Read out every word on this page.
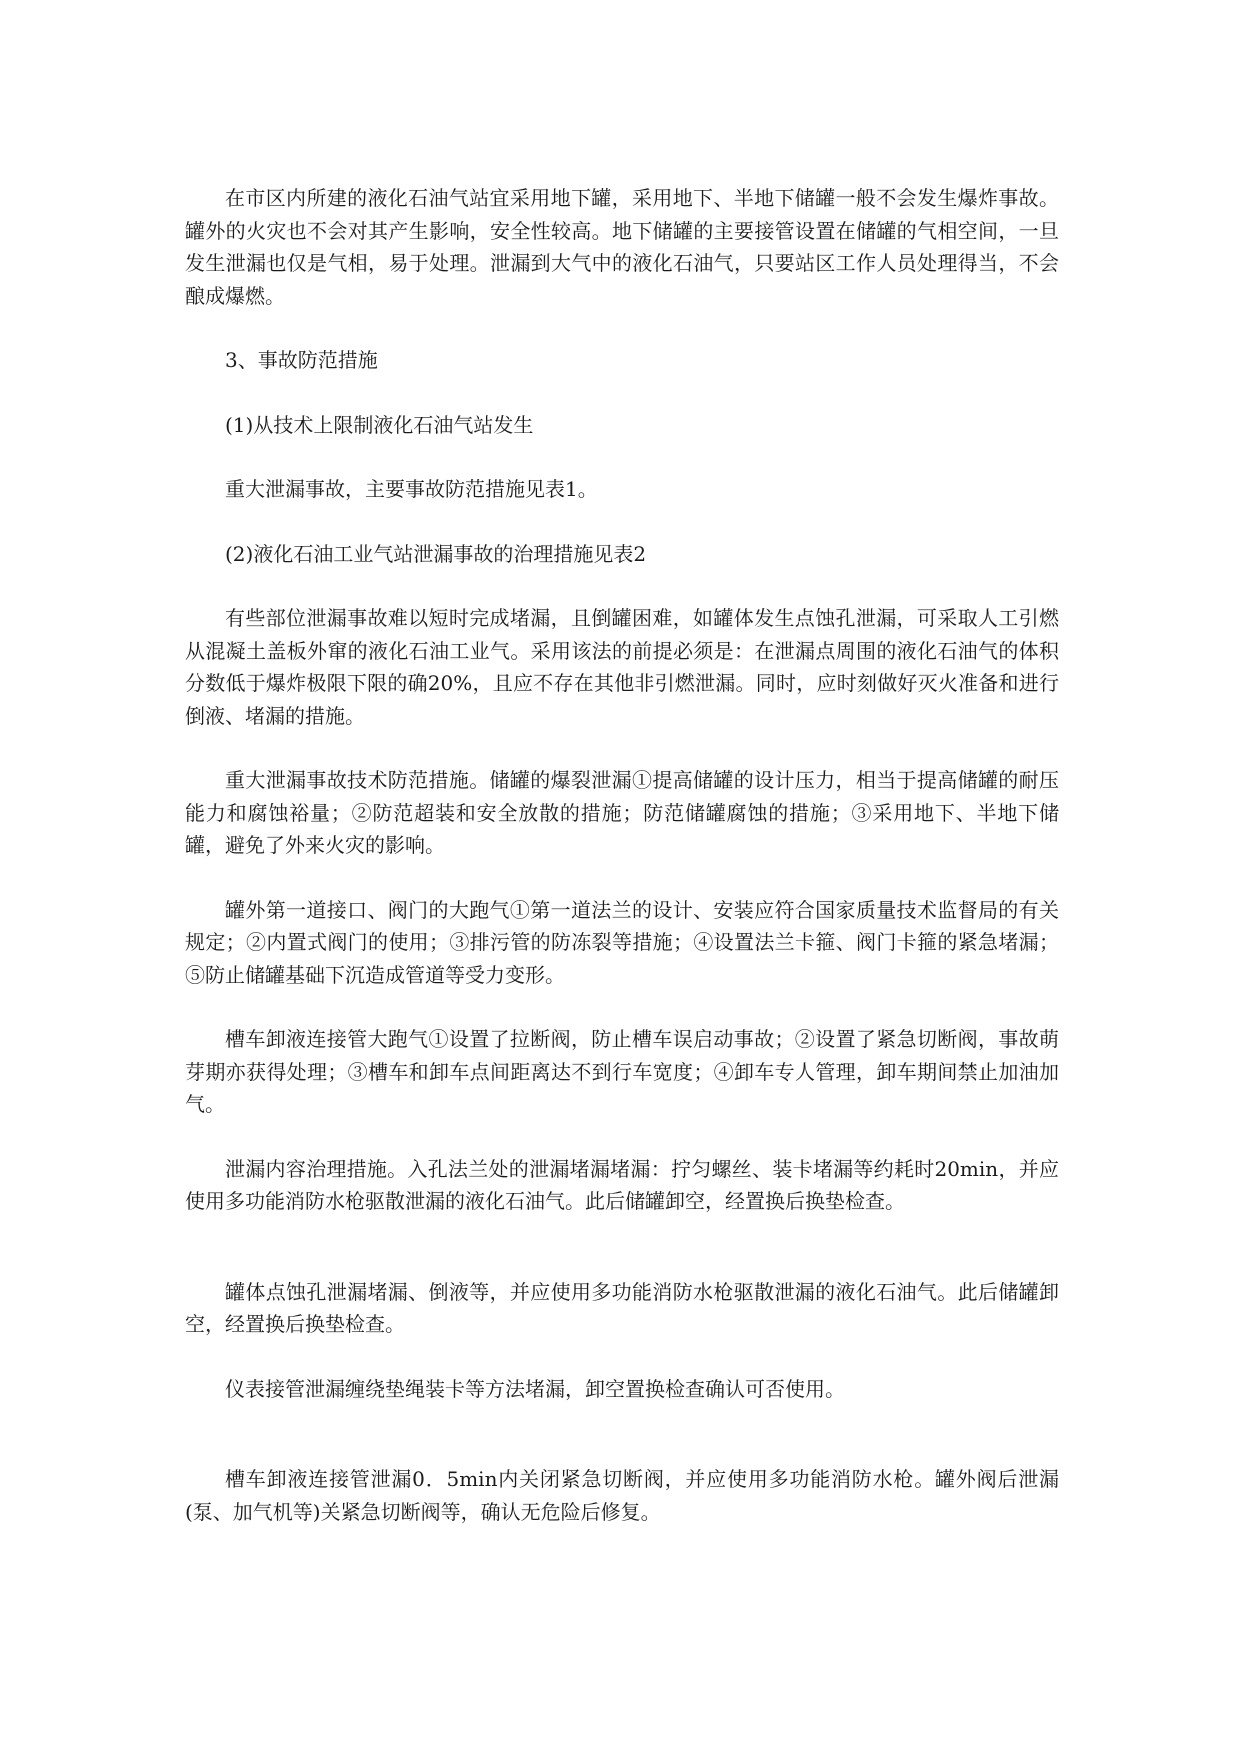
在市区内所建的液化石油气站宜采用地下罐，采用地下、半地下储罐一般不会发生爆炸事故。罐外的火灾也不会对其产生影响，安全性较高。地下储罐的主要接管设置在储罐的气相空间，一旦发生泄漏也仅是气相，易于处理。泄漏到大气中的液化石油气，只要站区工作人员处理得当，不会酿成爆燃。

3、事故防范措施

(1)从技术上限制液化石油气站发生

重大泄漏事故，主要事故防范措施见表1。

(2)液化石油工业气站泄漏事故的治理措施见表2

有些部位泄漏事故难以短时完成堵漏，且倒罐困难，如罐体发生点蚀孔泄漏，可采取人工引燃从混凝土盖板外窜的液化石油工业气。采用该法的前提必须是：在泄漏点周围的液化石油气的体积分数低于爆炸极限下限的确20%，且应不存在其他非引燃泄漏。同时，应时刻做好灭火准备和进行倒液、堵漏的措施。

重大泄漏事故技术防范措施。储罐的爆裂泄漏①提高储罐的设计压力，相当于提高储罐的耐压能力和腐蚀裕量；②防范超装和安全放散的措施；防范储罐腐蚀的措施；③采用地下、半地下储罐，避免了外来火灾的影响。

罐外第一道接口、阀门的大跑气①第一道法兰的设计、安装应符合国家质量技术监督局的有关规定；②内置式阀门的使用；③排污管的防冻裂等措施；④设置法兰卡箍、阀门卡箍的紧急堵漏；⑤防止储罐基础下沉造成管道等受力变形。

槽车卸液连接管大跑气①设置了拉断阀，防止槽车误启动事故；②设置了紧急切断阀，事故萌芽期亦获得处理；③槽车和卸车点间距离达不到行车宽度；④卸车专人管理，卸车期间禁止加油加气。

泄漏内容治理措施。入孔法兰处的泄漏堵漏堵漏：拧匀螺丝、装卡堵漏等约耗时20min，并应使用多功能消防水枪驱散泄漏的液化石油气。此后储罐卸空，经置换后换垫检查。

罐体点蚀孔泄漏堵漏、倒液等，并应使用多功能消防水枪驱散泄漏的液化石油气。此后储罐卸空，经置换后换垫检查。

仪表接管泄漏缠绕垫绳装卡等方法堵漏，卸空置换检查确认可否使用。

槽车卸液连接管泄漏0．5min内关闭紧急切断阀，并应使用多功能消防水枪。罐外阀后泄漏(泵、加气机等)关紧急切断阀等，确认无危险后修复。
